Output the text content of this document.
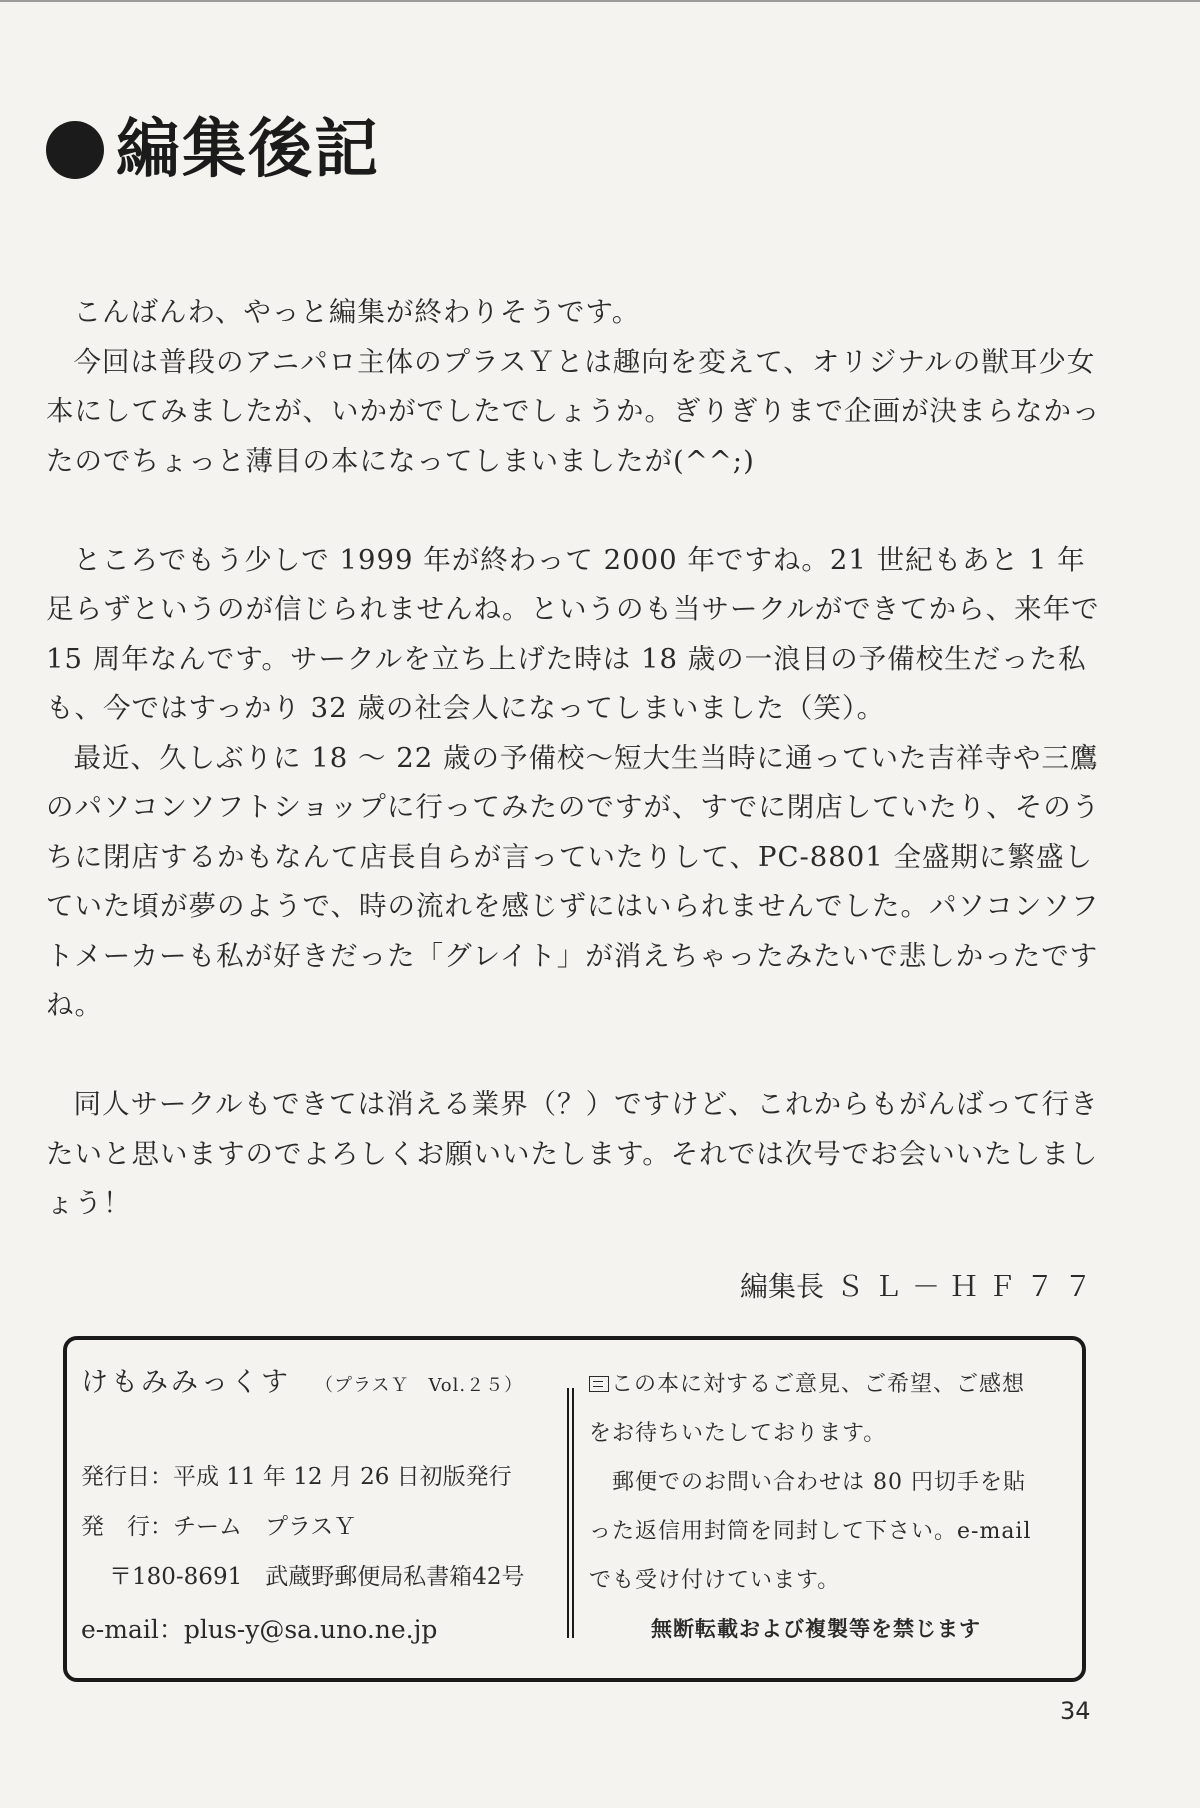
編集後記

こんばんわ、やっと編集が終わりそうです。

今回は普段のアニパロ主体のプラスＹとは趣向を変えて、オリジナルの獣耳少女本にしてみましたが、いかがでしたでしょうか。ぎりぎりまで企画が決まらなかったのでちょっと薄目の本になってしまいましたが(^^;)

ところでもう少しで 1999 年が終わって 2000 年ですね。21 世紀もあと 1 年足らずというのが信じられませんね。というのも当サークルができてから、来年で 15 周年なんです。サークルを立ち上げた時は 18 歳の一浪目の予備校生だった私も、今ではすっかり 32 歳の社会人になってしまいました（笑）。

最近、久しぶりに 18 〜 22 歳の予備校〜短大生当時に通っていた吉祥寺や三鷹のパソコンソフトショップに行ってみたのですが、すでに閉店していたり、そのうちに閉店するかもなんて店長自らが言っていたりして、PC-8801 全盛期に繁盛していた頃が夢のようで、時の流れを感じずにはいられませんでした。パソコンソフトメーカーも私が好きだった「グレイト」が消えちゃったみたいで悲しかったですね。

同人サークルもできては消える業界（？）ですけど、これからもがんばって行きたいと思いますのでよろしくお願いいたします。それでは次号でお会いいたしましょう！

編集長 ＳＬ－ＨＦ７７
けもみみっくす （プラスＹ　Vol.２５）
発行日：平成 11 年 12 月 26 日初版発行
発　行：チーム　プラスＹ
〒180-8691　武蔵野郵便局私書箱42号
e-mail：plus-y@sa.uno.ne.jp
この本に対するご意見、ご希望、ご感想
をお待ちいたしております。
　郵便でのお問い合わせは 80 円切手を貼
った返信用封筒を同封して下さい。e-mail
でも受け付けています。
無断転載および複製等を禁じます
34
